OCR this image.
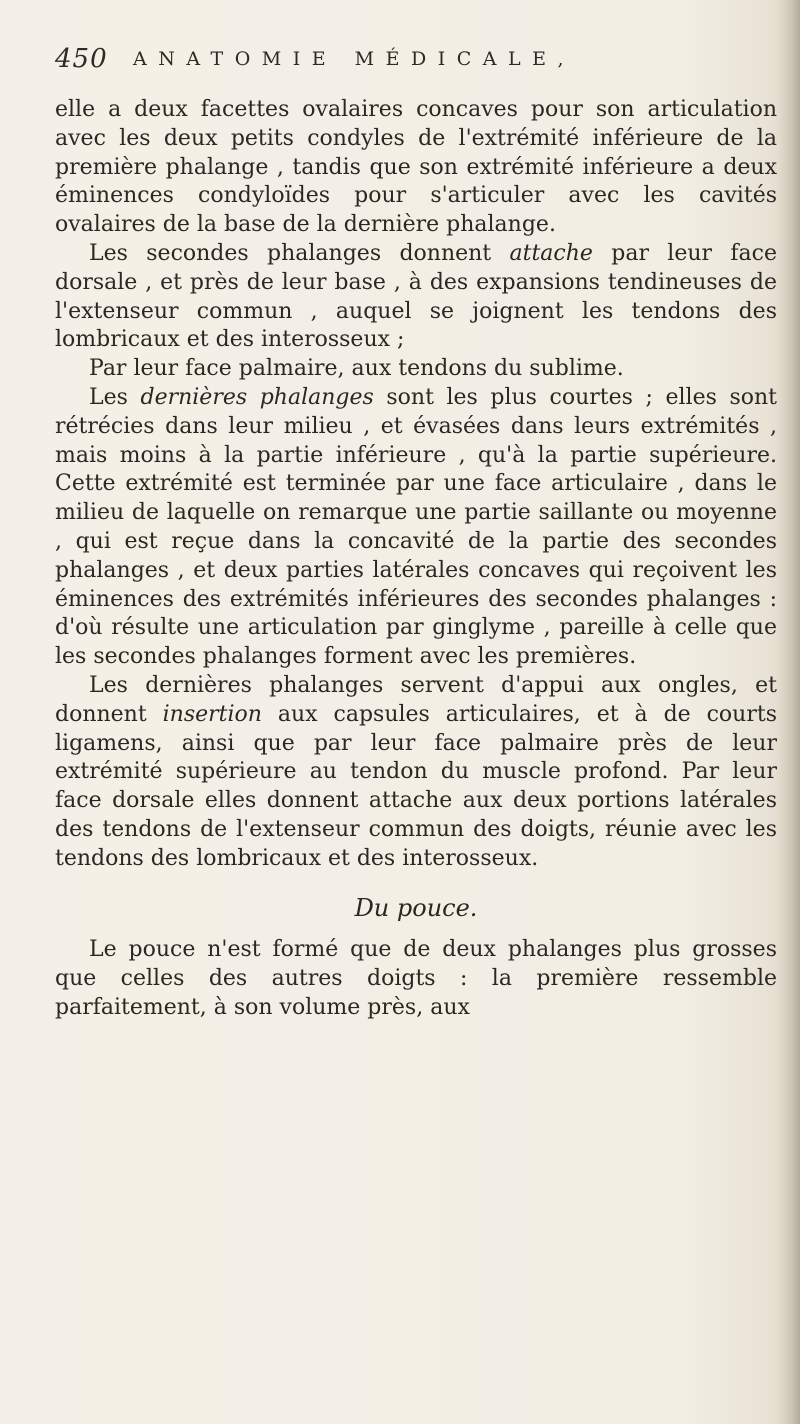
450 ANATOMIE MÉDICALE,

elle a deux facettes ovalaires concaves pour son articulation avec les deux petits condyles de l'extrémité inférieure de la première phalange , tandis que son extrémité inférieure a deux éminences condyloïdes pour s'articuler avec les cavités ovalaires de la base de la dernière phalange.

Les secondes phalanges donnent attache par leur face dorsale , et près de leur base , à des expansions tendineuses de l'extenseur commun , auquel se joignent les tendons des lombricaux et des interosseux ;

Par leur face palmaire, aux tendons du sublime.

Les dernières phalanges sont les plus courtes ; elles sont rétrécies dans leur milieu , et évasées dans leurs extrémités , mais moins à la partie inférieure , qu'à la partie supérieure. Cette extrémité est terminée par une face articulaire , dans le milieu de laquelle on remarque une partie saillante ou moyenne , qui est reçue dans la concavité de la partie des secondes phalanges , et deux parties latérales concaves qui reçoivent les éminences des extrémités inférieures des secondes phalanges : d'où résulte une articulation par ginglyme , pareille à celle que les secondes phalanges forment avec les premières.

Les dernières phalanges servent d'appui aux ongles, et donnent insertion aux capsules articulaires, et à de courts ligamens, ainsi que par leur face palmaire près de leur extrémité supérieure au tendon du muscle profond. Par leur face dorsale elles donnent attache aux deux portions latérales des tendons de l'extenseur commun des doigts, réunie avec les tendons des lombricaux et des interosseux.

Du pouce.

Le pouce n'est formé que de deux phalanges plus grosses que celles des autres doigts : la première ressemble parfaitement, à son volume près, aux
